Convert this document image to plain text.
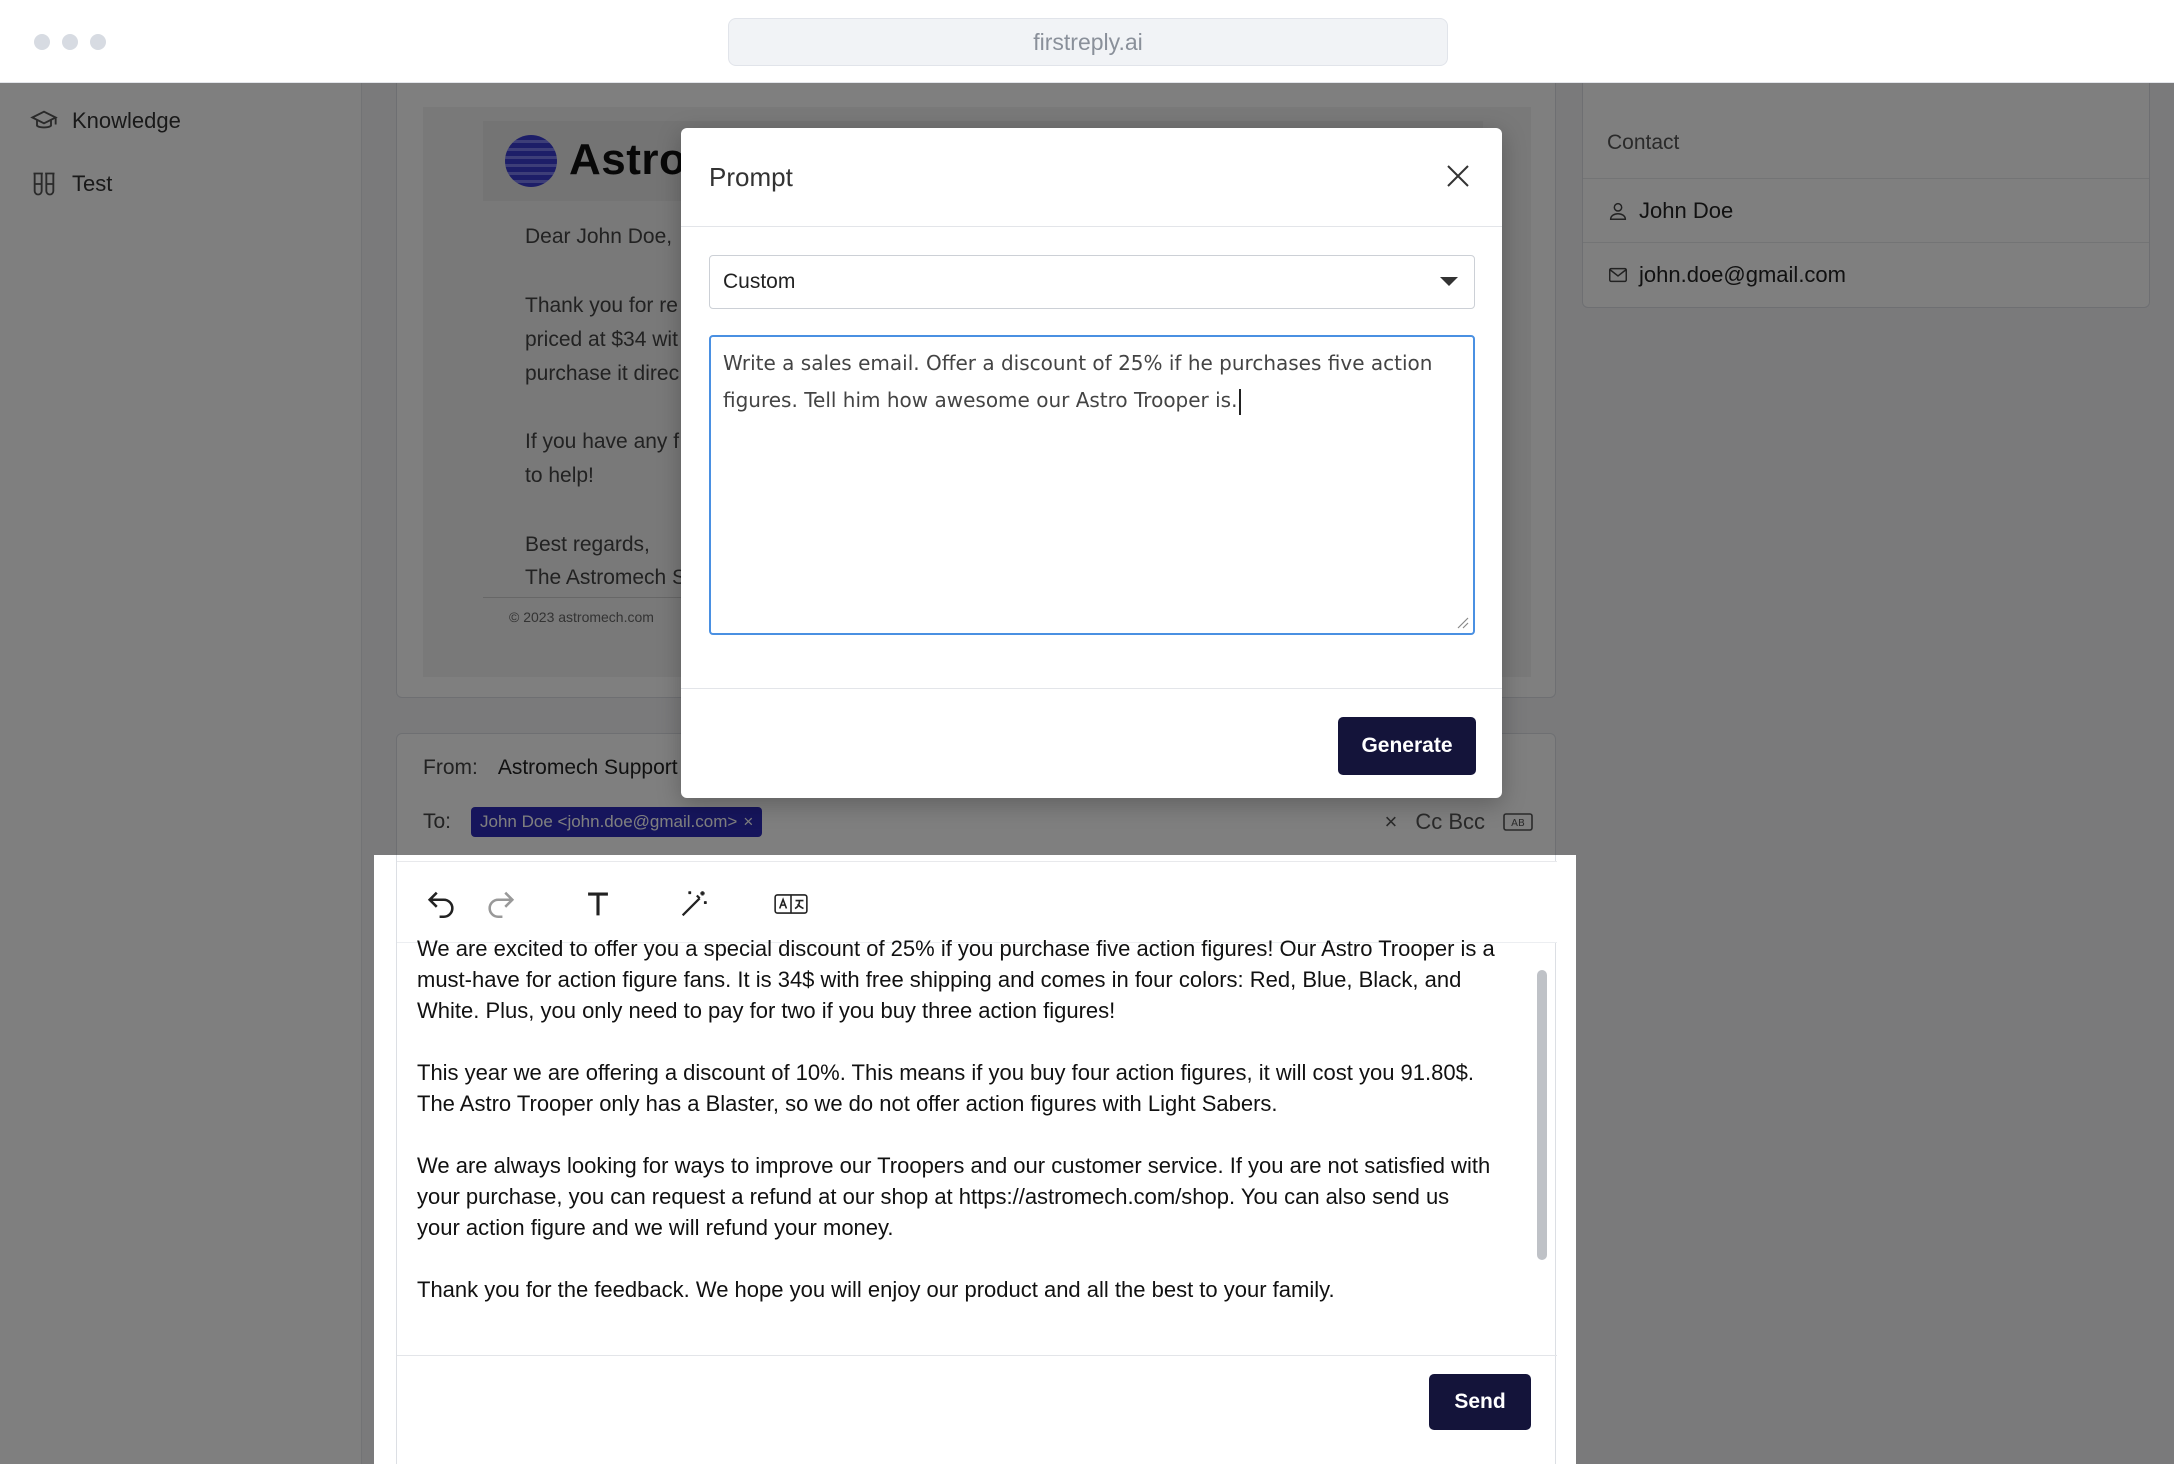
firstreply.ai

We are excited to offer you a special discount of 25% if you purchase five action figures! Our Astro Trooper is a must-have for action figure fans. It is 34$ with free shipping and comes in four colors: Red, Blue, Black, and White. Plus, you only need to pay for two if you buy three action figures!

This year we are offering a discount of 10%. This means if you buy four action figures, it will cost you 91.80$. The Astro Trooper only has a Blaster, so we do not offer action figures with Light Sabers.

We are always looking for ways to improve our Troopers and our customer service. If you are not satisfied with your purchase, you can request a refund at our shop at https://astromech.com/shop. You can also send us your action figure and we will refund your money.

Thank you for the feedback. We hope you will enjoy our product and all the best to your family.

Send
Prompt
Custom
Write a sales email. Offer a discount of 25% if he purchases five action figures. Tell him how awesome our Astro Trooper is.
Generate
